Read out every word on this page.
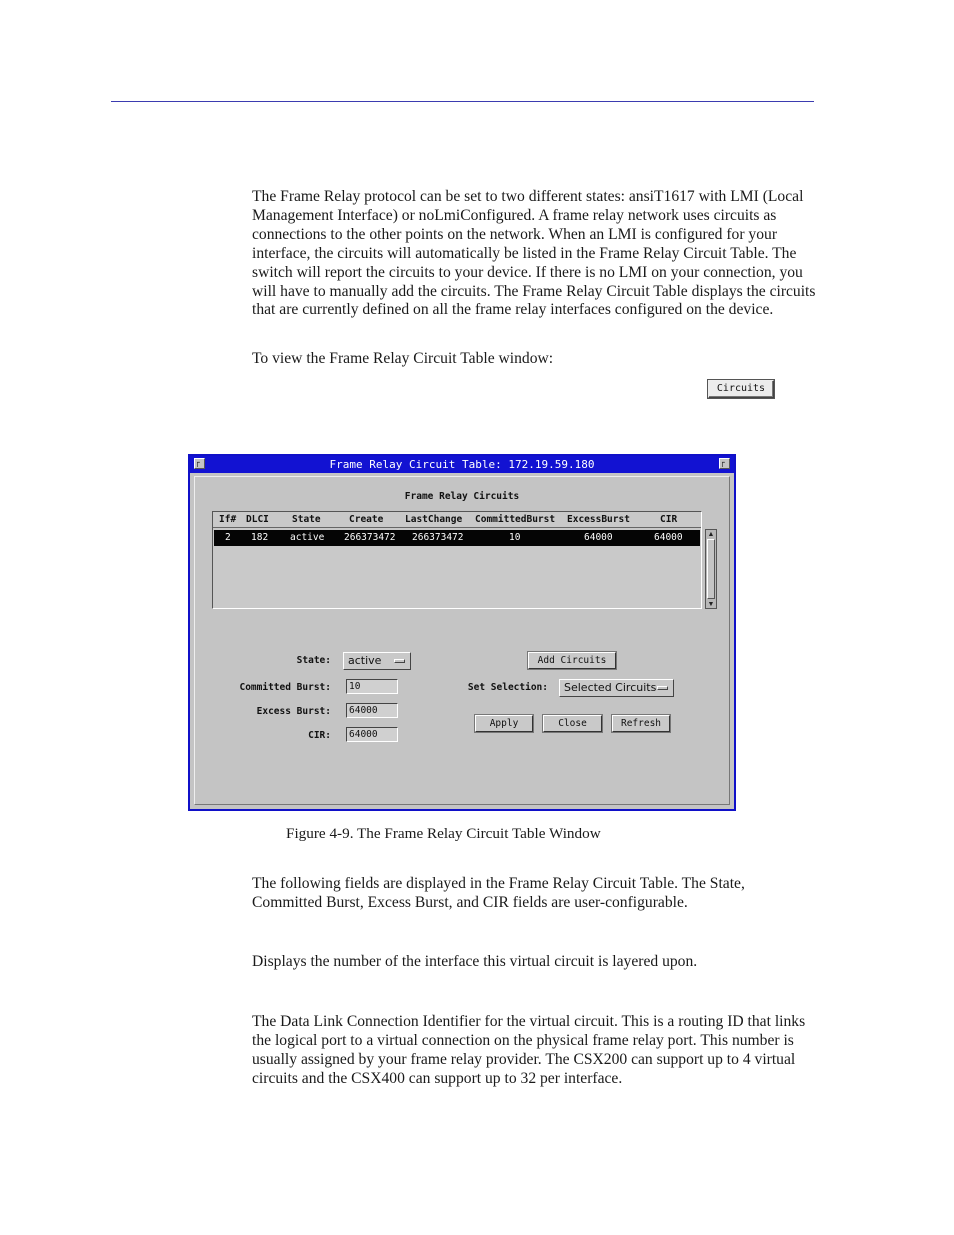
The Frame Relay protocol can be set to two different states: ansiT1617 with LMI (Local Management Interface) or noLmiConfigured. A frame relay network uses circuits as connections to the other points on the network. When an LMI is configured for your interface, the circuits will automatically be listed in the Frame Relay Circuit Table. The switch will report the circuits to your device. If there is no LMI on your connection, you will have to manually add the circuits. The Frame Relay Circuit Table displays the circuits that are currently defined on all the frame relay interfaces configured on the device.

To view the Frame Relay Circuit Table window:

Circuits
┌	Frame Relay Circuit Table: 172.19.59.180	┌
Frame Relay Circuits
If# DLCI State	Create LastChange CommittedBurst ExcessBurst	CIR
2 182 active 266373472 266373472	10	64000	64000	▲
▼
State:	active
Committed Burst:	10
Excess Burst:	64000
CIR:	64000
Add Circuits
Set Selection:	Selected Circuits
Apply	Close	Refresh

Figure 4-9. The Frame Relay Circuit Table Window

The following fields are displayed in the Frame Relay Circuit Table. The State, Committed Burst, Excess Burst, and CIR fields are user-configurable.

Displays the number of the interface this virtual circuit is layered upon.

The Data Link Connection Identifier for the virtual circuit. This is a routing ID that links the logical port to a virtual connection on the physical frame relay port. This number is usually assigned by your frame relay provider. The CSX200 can support up to 4 virtual circuits and the CSX400 can support up to 32 per interface.
